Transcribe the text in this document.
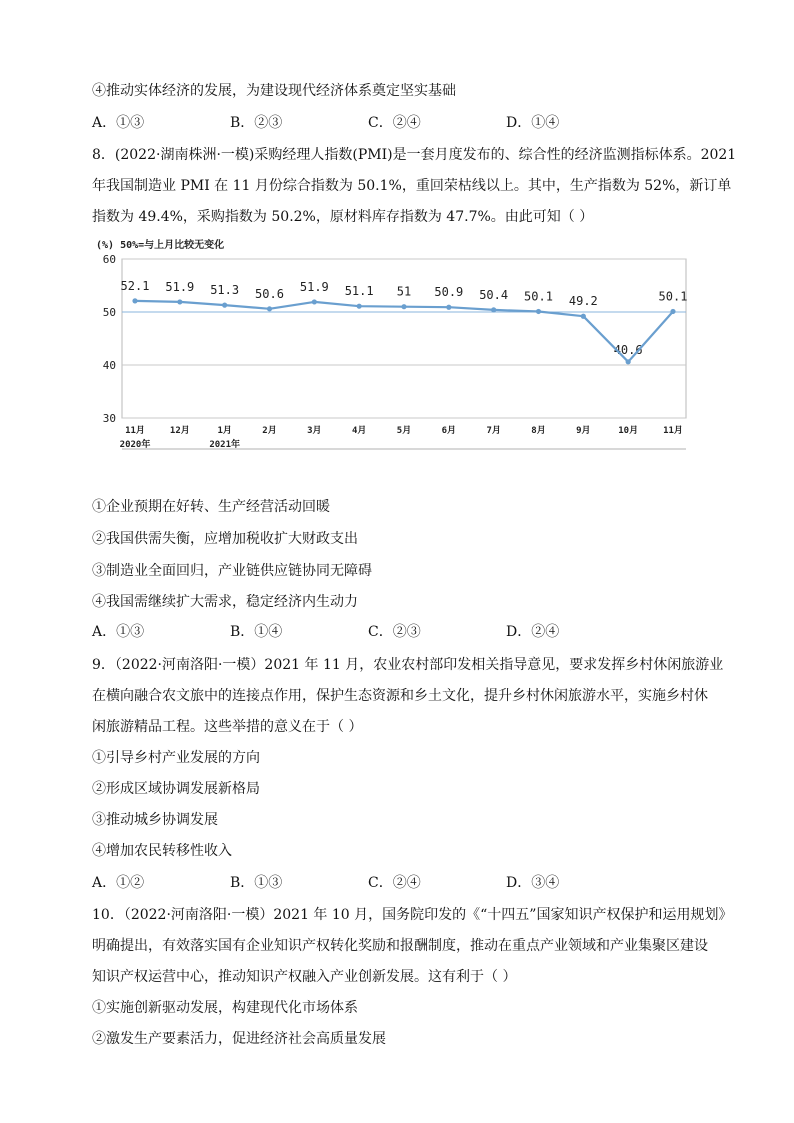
④推动实体经济的发展，为建设现代经济体系奠定坚实基础
A．①③	B．②③	C．②④	D．①④
8．(2022·湖南株洲·一模)采购经理人指数(PMI)是一套月度发布的、综合性的经济监测指标体系。2021
年我国制造业 PMI 在 11 月份综合指数为 50.1%，重回荣枯线以上。其中，生产指数为 52%，新订单
指数为 49.4%，采购指数为 50.2%，原材料库存指数为 47.7%。由此可知（ ）
(%) 50%=与上月比较无变化
30
40
50
60
11月	12月	1月	2月	3月	4月	5月	6月	7月	8月	9月	10月	11月
2020年	2021年
52.1 51.9 51.3 50.6 51.9 51.1 51 50.9 50.4 50.1 49.2
40.6
50.1
①企业预期在好转、生产经营活动回暖
②我国供需失衡，应增加税收扩大财政支出
③制造业全面回归，产业链供应链协同无障碍
④我国需继续扩大需求，稳定经济内生动力
A．①③	B．①④	C．②③	D．②④
9．（2022·河南洛阳·一模）2021 年 11 月，农业农村部印发相关指导意见，要求发挥乡村休闲旅游业
在横向融合农文旅中的连接点作用，保护生态资源和乡土文化，提升乡村休闲旅游水平，实施乡村休
闲旅游精品工程。这些举措的意义在于（ ）
①引导乡村产业发展的方向
②形成区域协调发展新格局
③推动城乡协调发展
④增加农民转移性收入
A．①②	B．①③	C．②④	D．③④
10．（2022·河南洛阳·一模）2021 年 10 月，国务院印发的《“十四五”国家知识产权保护和运用规划》
明确提出，有效落实国有企业知识产权转化奖励和报酬制度，推动在重点产业领域和产业集聚区建设
知识产权运营中心，推动知识产权融入产业创新发展。这有利于（ ）
①实施创新驱动发展，构建现代化市场体系
②激发生产要素活力，促进经济社会高质量发展
